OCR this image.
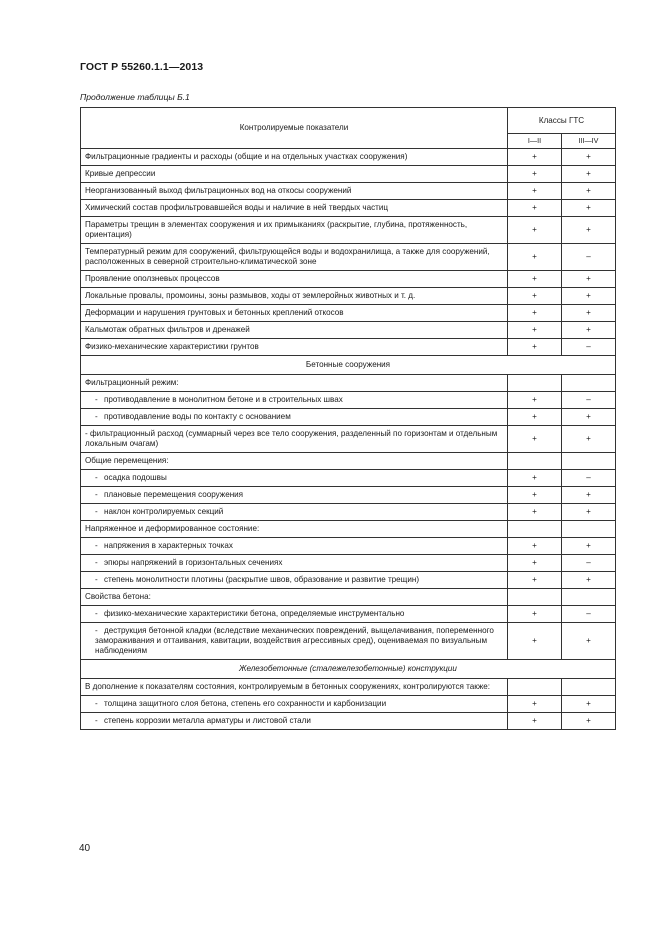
ГОСТ Р 55260.1.1—2013
Продолжение таблицы Б.1
Контролируемые показатели	Классы ГТС	
	I—II	III—IV
Фильтрационные градиенты и расходы (общие и на отдельных участках сооружения)	+	+
Кривые депрессии	+	+
Неорганизованный выход фильтрационных вод на откосы сооружений	+	+
Химический состав профильтровавшейся воды и наличие в ней твердых частиц	+	+
Параметры трещин в элементах сооружения и их примыканиях (раскрытие, глубина, протяженность, ориентация)	+	+
Температурный режим для сооружений, фильтрующейся воды и водохранилища, а также для сооружений, расположенных в северной строительно-климатической зоне	+	–
Проявление оползневых процессов	+	+
Локальные провалы, промоины, зоны размывов, ходы от землеройных животных и т. д.	+	+
Деформации и нарушения грунтовых и бетонных креплений откосов	+	+
Кальмотаж обратных фильтров и дренажей	+	+
Физико-механические характеристики грунтов	+	–
Бетонные сооружения		
Фильтрационный режим:		
- противодавление в монолитном бетоне и в строительных швах	+	–
- противодавление воды по контакту с основанием	+	+
- фильтрационный расход (суммарный через все тело сооружения, разделенный по горизонтам и отдельным локальным очагам)	+	+
Общие перемещения:		
- осадка подошвы	+	–
- плановые перемещения сооружения	+	+
- наклон контролируемых секций	+	+
Напряженное и деформированное состояние:		
- напряжения в характерных точках	+	+
- эпюры напряжений в горизонтальных сечениях	+	–
- степень монолитности плотины (раскрытие швов, образование и развитие трещин)	+	+
Свойства бетона:		
- физико-механические характеристики бетона, определяемые инструментально	+	–
- деструкция бетонной кладки (вследствие механических повреждений, выщелачивания, попеременного замораживания и оттаивания, кавитации, воздействия агрессивных сред), оцениваемая по визуальным наблюдениям	+	+
Железобетонные (сталежелезобетонные) конструкции		
В дополнение к показателям состояния, контролируемым в бетонных сооружениях, контролируются также:		
- толщина защитного слоя бетона, степень его сохранности и карбонизации	+	+
- степень коррозии металла арматуры и листовой стали	+	+
40
